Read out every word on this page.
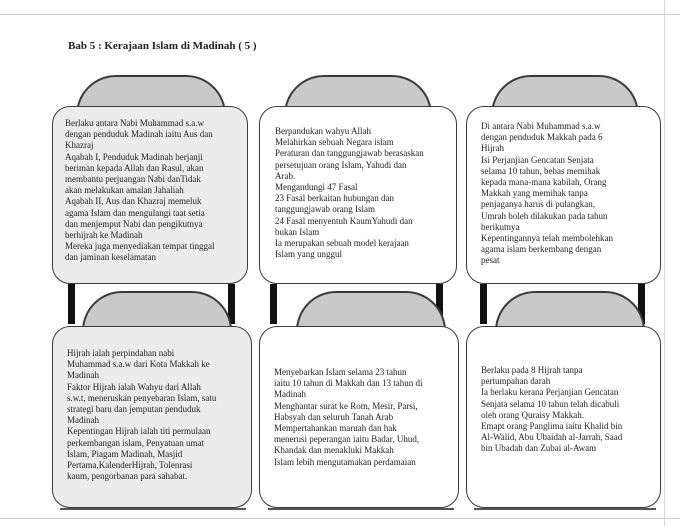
Bab 5 : Kerajaan Islam di Madinah ( 5 )

Berlaku antara Nabi Muhammad s.a.w

dengan penduduk Madinah iaitu Aus dan

Khazraj

Aqabah I, Penduduk Madinah berjanji

beriman kepada Allah dan Rasul, akan

membantu perjuangan Nabi danTidak

akan melakukan amalan Jahaliah

Aqabah II, Aus dan Khazraj memeluk

agama Islam dan mengulangi taat setia

dan menjemput Nabi dan pengikutnya

berhijrah ke Madinah

Mereka juga menyediakan tempat tinggal

dan jaminan keselamatan

Berpandukan wahyu Allah

Melahirkan sebuah Negara islam

Peraturan dan tanggungjawab berasaskan

persetujuan orang Islam, Yahudi dan

Arab.

Mengandungi 47 Fasal

23 Fasal berkaitan hubungan dan

tanggungjawab orang Islam

24 Fasal menyentuh KaumYahudi dan

bukan Islam

Ia merupakan sebuah model kerajaan

Islam yang unggul

Di antara Nabi Muhammad s.a.w

dengan penduduk Makkah pada 6

Hijrah

Isi Perjanjian Gencatan Senjata

selama 10 tahun, bebas memihak

kepada mana-mana kabilah, Orang

Makkah yang memihak tanpa

penjaganya harus di pulangkan,

Umrah boleh dilakukan pada tahun

berikutnya

Kepentingannya telah membolehkan

agama islam berkembang dengan

pesat

Hijrah ialah perpindahan nabi

Muhammad s.a.w dari Kota Makkah ke

Madinah

Faktor Hijrah ialah Wahyu dari Allah

s.w.t, meneruskan penyebaran Islam, satu

strategi baru dan jemputan penduduk

Madinah

Kepentingan Hijrah ialah titi permulaan

perkembangan islam, Penyatuan umat

Islam, Piagam Madinah, Masjid

Pertama,KalenderHijrah, Tolenrasi

kaum, pengorbanan para sahabat.

Menyebarkan Islam selama 23 tahun

iaitu 10 tahun di Makkah dan 13 tahun di

Madinah

Menghantar surat ke Rom, Mesir, Parsi,

Habsyah dan seluruh Tanah Arab

Mempertahankan maruah dan hak

menerusi peperangan iaitu Badar, Uhud,

Khandak dan menakluki Makkah

Islam lebih mengutamakan perdamaian

Berlaku pada 8 Hijrah tanpa

pertumpahan darah

Ia berlaku kerana Perjanjian Gencatan

Senjata selama 10 tahun telah dicabuli

oleh orang Quraisy Makkah.

Emapt orang Panglima iaitu Khalid bin

Al-Walid, Abu Ubaidah al-Jarrah, Saad

bin Ubadah dan Zubai al-Awam
